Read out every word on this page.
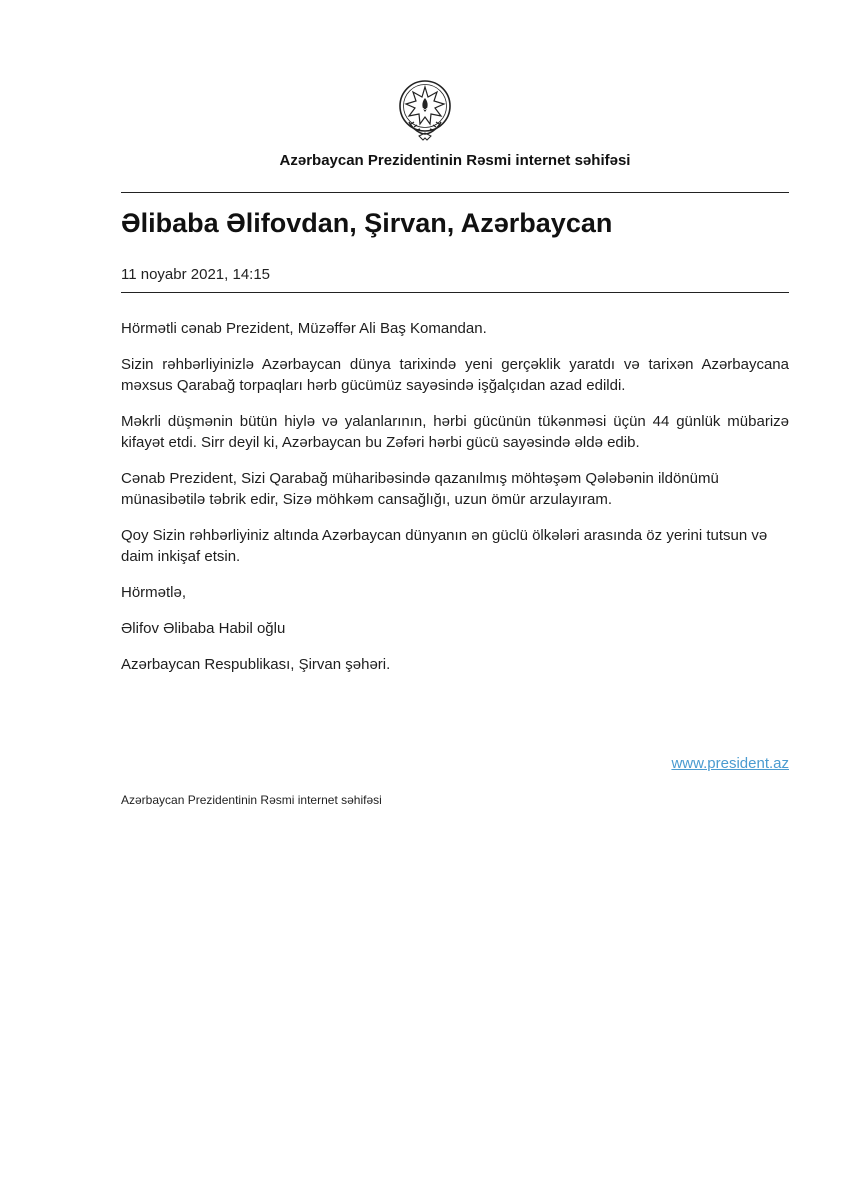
Azərbaycan Prezidentinin Rəsmi internet səhifəsi
Əlibaba Əlifovdan, Şirvan, Azərbaycan
11 noyabr 2021, 14:15

Hörmətli cənab Prezident, Müzəffər Ali Baş Komandan.

Sizin rəhbərliyinizlə Azərbaycan dünya tarixində yeni gerçəklik yaratdı və tarixən Azərbaycana məxsus Qarabağ torpaqları hərb gücümüz sayəsində işğalçıdan azad edildi.

Məkrli düşmənin bütün hiylə və yalanlarının, hərbi gücünün tükənməsi üçün 44 günlük mübarizə kifayət etdi. Sirr deyil ki, Azərbaycan bu Zəfəri hərbi gücü sayəsində əldə edib.

Cənab Prezident, Sizi Qarabağ müharibəsində qazanılmış möhtəşəm Qələbənin ildönümü münasibətilə təbrik edir, Sizə möhkəm cansağlığı, uzun ömür arzulayıram.

Qoy Sizin rəhbərliyiniz altında Azərbaycan dünyanın ən güclü ölkələri arasında öz yerini tutsun və daim inkişaf etsin.

Hörmətlə,

Əlifov Əlibaba Habil oğlu

Azərbaycan Respublikası, Şirvan şəhəri.

www.president.az
Azərbaycan Prezidentinin Rəsmi internet səhifəsi
